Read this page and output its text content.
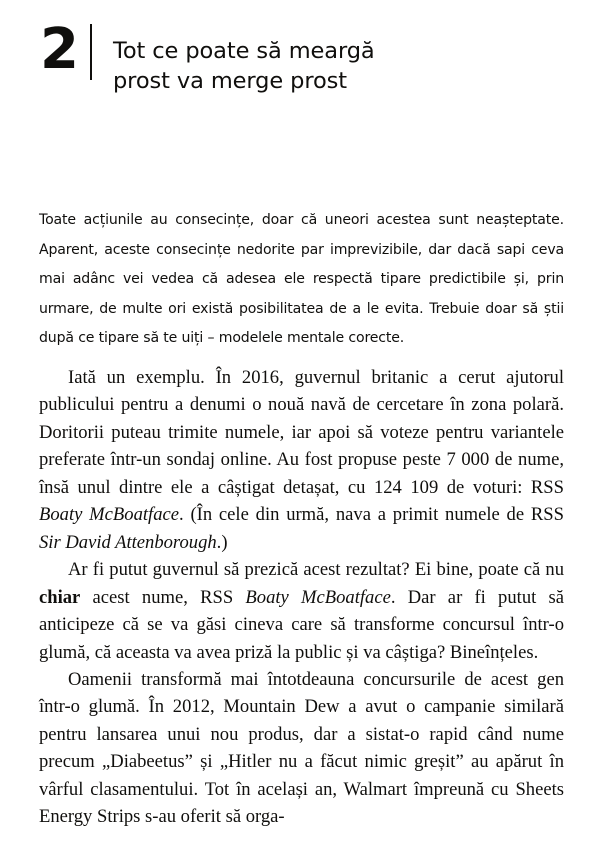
2	Tot ce poate să meargă
prost va merge prost

Toate acțiunile au consecințe, doar că uneori acestea sunt neașteptate. Aparent, aceste consecințe nedorite par imprevizibile, dar dacă sapi ceva mai adânc vei vedea că adesea ele respectă tipare predictibile și, prin urmare, de multe ori există posibilitatea de a le evita. Trebuie doar să știi după ce tipare să te uiți – modelele mentale corecte.

Iată un exemplu. În 2016, guvernul britanic a cerut ajutorul publicului pentru a denumi o nouă navă de cercetare în zona polară. Doritorii puteau trimite numele, iar apoi să voteze pentru variantele preferate într-un sondaj online. Au fost propuse peste 7 000 de nume, însă unul dintre ele a câștigat detașat, cu 124 109 de voturi: RSS Boaty McBoatface. (În cele din urmă, nava a primit numele de RSS Sir David Attenborough.)

Ar fi putut guvernul să prezică acest rezultat? Ei bine, poate că nu chiar acest nume, RSS Boaty McBoatface. Dar ar fi putut să anticipeze că se va găsi cineva care să transforme concursul într-o glumă, că aceasta va avea priză la public și va câștiga? Bineînțeles.

Oamenii transformă mai întotdeauna concursurile de acest gen într-o glumă. În 2012, Mountain Dew a avut o campanie similară pentru lansarea unui nou produs, dar a sistat-o rapid când nume precum „Diabeetus” și „Hitler nu a făcut nimic greșit” au apărut în vârful clasamentului. Tot în același an, Walmart împreună cu Sheets Energy Strips s-au oferit să orga-
